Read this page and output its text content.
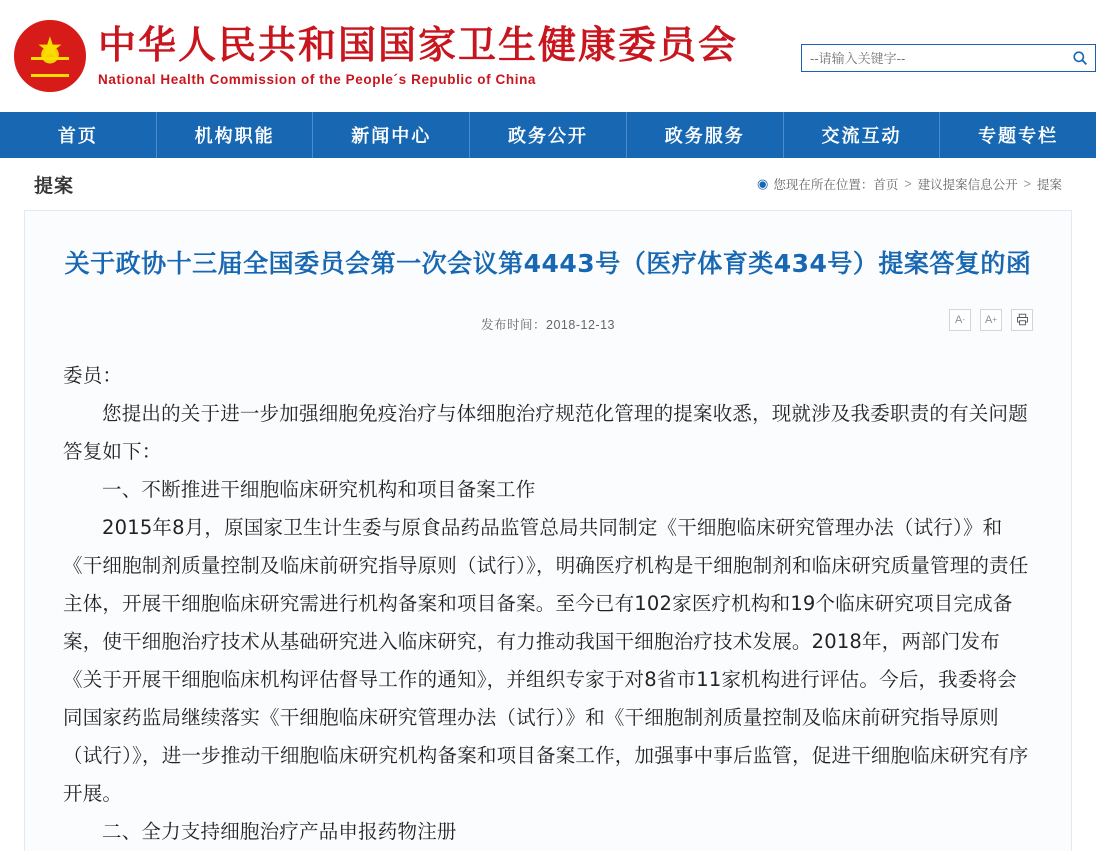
★
中华人民共和国国家卫生健康委员会
National Health Commission of the People´s Republic of China
--请输入关键字--
首页	机构职能	新闻中心	政务公开	政务服务	交流互动	专题专栏
提案	◉ 您现在所在位置： 首页 > 建议提案信息公开 > 提案
关于政协十三届全国委员会第一次会议第4443号（医疗体育类434号）提案答复的函
发布时间：2018-12-13	A - A +

委员：

您提出的关于进一步加强细胞免疫治疗与体细胞治疗规范化管理的提案收悉，现就涉及我委职责的有关问题答复如下：

一、不断推进干细胞临床研究机构和项目备案工作

2015年8月，原国家卫生计生委与原食品药品监管总局共同制定《干细胞临床研究管理办法（试行）》和《干细胞制剂质量控制及临床前研究指导原则（试行）》，明确医疗机构是干细胞制剂和临床研究质量管理的责任主体，开展干细胞临床研究需进行机构备案和项目备案。至今已有102家医疗机构和19个临床研究项目完成备案，使干细胞治疗技术从基础研究进入临床研究，有力推动我国干细胞治疗技术发展。2018年，两部门发布《关于开展干细胞临床机构评估督导工作的通知》，并组织专家于对8省市11家机构进行评估。今后，我委将会同国家药监局继续落实《干细胞临床研究管理办法（试行）》和《干细胞制剂质量控制及临床前研究指导原则（试行）》，进一步推动干细胞临床研究机构备案和项目备案工作，加强事中事后监管，促进干细胞临床研究有序开展。

二、全力支持细胞治疗产品申报药物注册
